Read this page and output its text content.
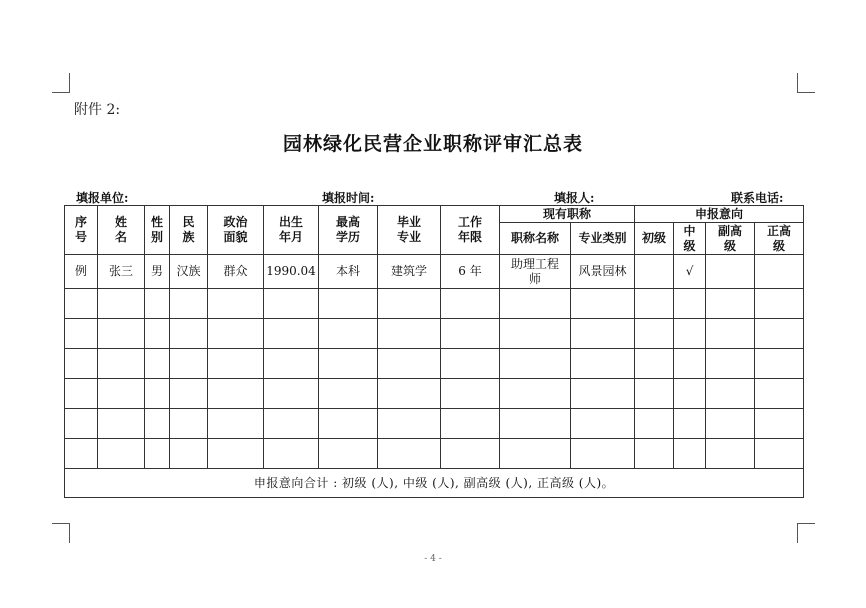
附件 2:
园林绿化民营企业职称评审汇总表
填报单位:	填报时间:	填报人:	联系电话:
序号	姓名	性别	民族	政治面貌	出生年月	最高学历	毕业专业	工作年限	现有职称		申报意向			
									职称名称	专业类别	初级	中级	副高级	正高级
例	张三	男	汉族	群众	1990.04	本科	建筑学	6 年	助理工程师	风景园林		√		

申报意向合计 : 初级 (人), 中级 (人), 副高级 (人), 正高级 (人)。														
- 4 -
